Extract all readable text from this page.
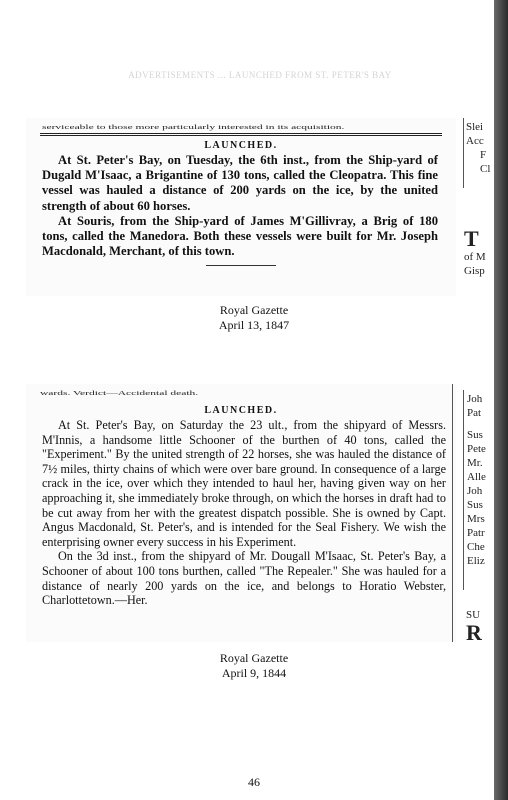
ADVERTISEMENTS ... LAUNCHED FROM ST. PETER'S BAY
serviceable to those more particularly interested in its acquisition.
LAUNCHED.

At St. Peter's Bay, on Tuesday, the 6th inst., from the Ship-yard of Dugald M'Isaac, a Brigantine of 130 tons, called the Cleopatra. This fine vessel was hauled a distance of 200 yards on the ice, by the united strength of about 60 horses.

At Souris, from the Ship-yard of James M'Gillivray, a Brig of 180 tons, called the Manedora. Both these vessels were built for Mr. Joseph Macdonald, Merchant, of this town.

Royal Gazette
April 13, 1847
wards. Verdict—Accidental death.
LAUNCHED.

At St. Peter's Bay, on Saturday the 23 ult., from the shipyard of Messrs. M'Innis, a handsome little Schooner of the burthen of 40 tons, called the "Experiment." By the united strength of 22 horses, she was hauled the distance of 7½ miles, thirty chains of which were over bare ground. In consequence of a large crack in the ice, over which they intended to haul her, having given way on her approaching it, she immediately broke through, on which the horses in draft had to be cut away from her with the greatest dispatch possible. She is owned by Capt. Angus Macdonald, St. Peter's, and is intended for the Seal Fishery. We wish the enterprising owner every success in his Experiment.

On the 3d inst., from the shipyard of Mr. Dougall M'Isaac, St. Peter's Bay, a Schooner of about 100 tons burthen, called "The Repealer." She was hauled for a distance of nearly 200 yards on the ice, and belongs to Horatio Webster, Charlottetown.—Her.

Royal Gazette
April 9, 1844
Slei
Acc
F
Cl
T
of M
Gisp
Joh
Pat
Sus
Pete
Mr.
Alle
Joh
Sus
Mrs
Patr
Che
Eliz
SU
R
46
